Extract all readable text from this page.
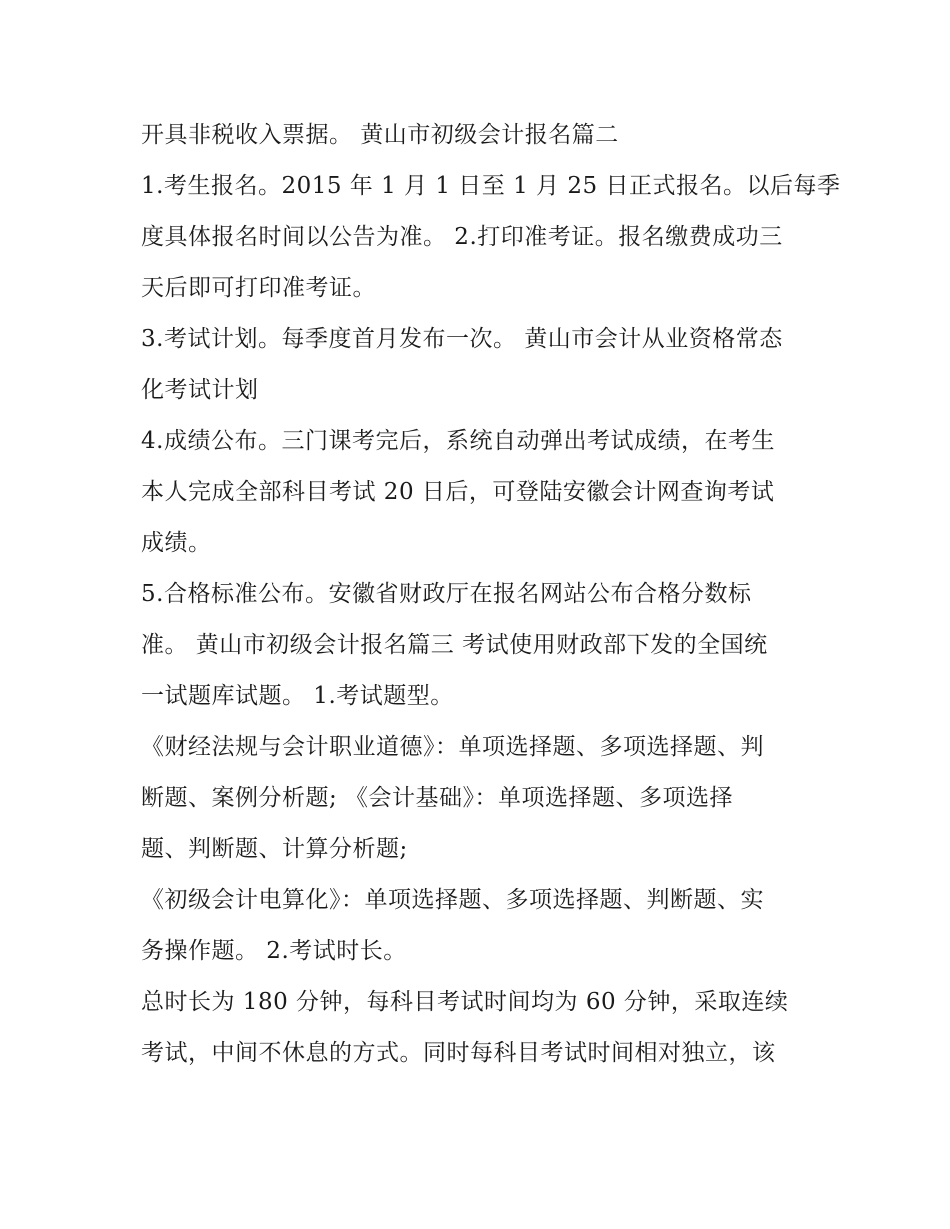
开具非税收入票据。 黄山市初级会计报名篇二
1.考生报名。2015 年 1 月 1 日至 1 月 25 日正式报名。以后每季
度具体报名时间以公告为准。 2.打印准考证。报名缴费成功三
天后即可打印准考证。
3.考试计划。每季度首月发布一次。 黄山市会计从业资格常态
化考试计划
4.成绩公布。三门课考完后，系统自动弹出考试成绩，在考生
本人完成全部科目考试 20 日后，可登陆安徽会计网查询考试
成绩。
5.合格标准公布。安徽省财政厅在报名网站公布合格分数标
准。 黄山市初级会计报名篇三 考试使用财政部下发的全国统
一试题库试题。 1.考试题型。
《财经法规与会计职业道德》：单项选择题、多项选择题、判
断题、案例分析题; 《会计基础》：单项选择题、多项选择
题、判断题、计算分析题;
《初级会计电算化》：单项选择题、多项选择题、判断题、实
务操作题。 2.考试时长。
总时长为 180 分钟，每科目考试时间均为 60 分钟，采取连续
考试，中间不休息的方式。同时每科目考试时间相对独立，该
